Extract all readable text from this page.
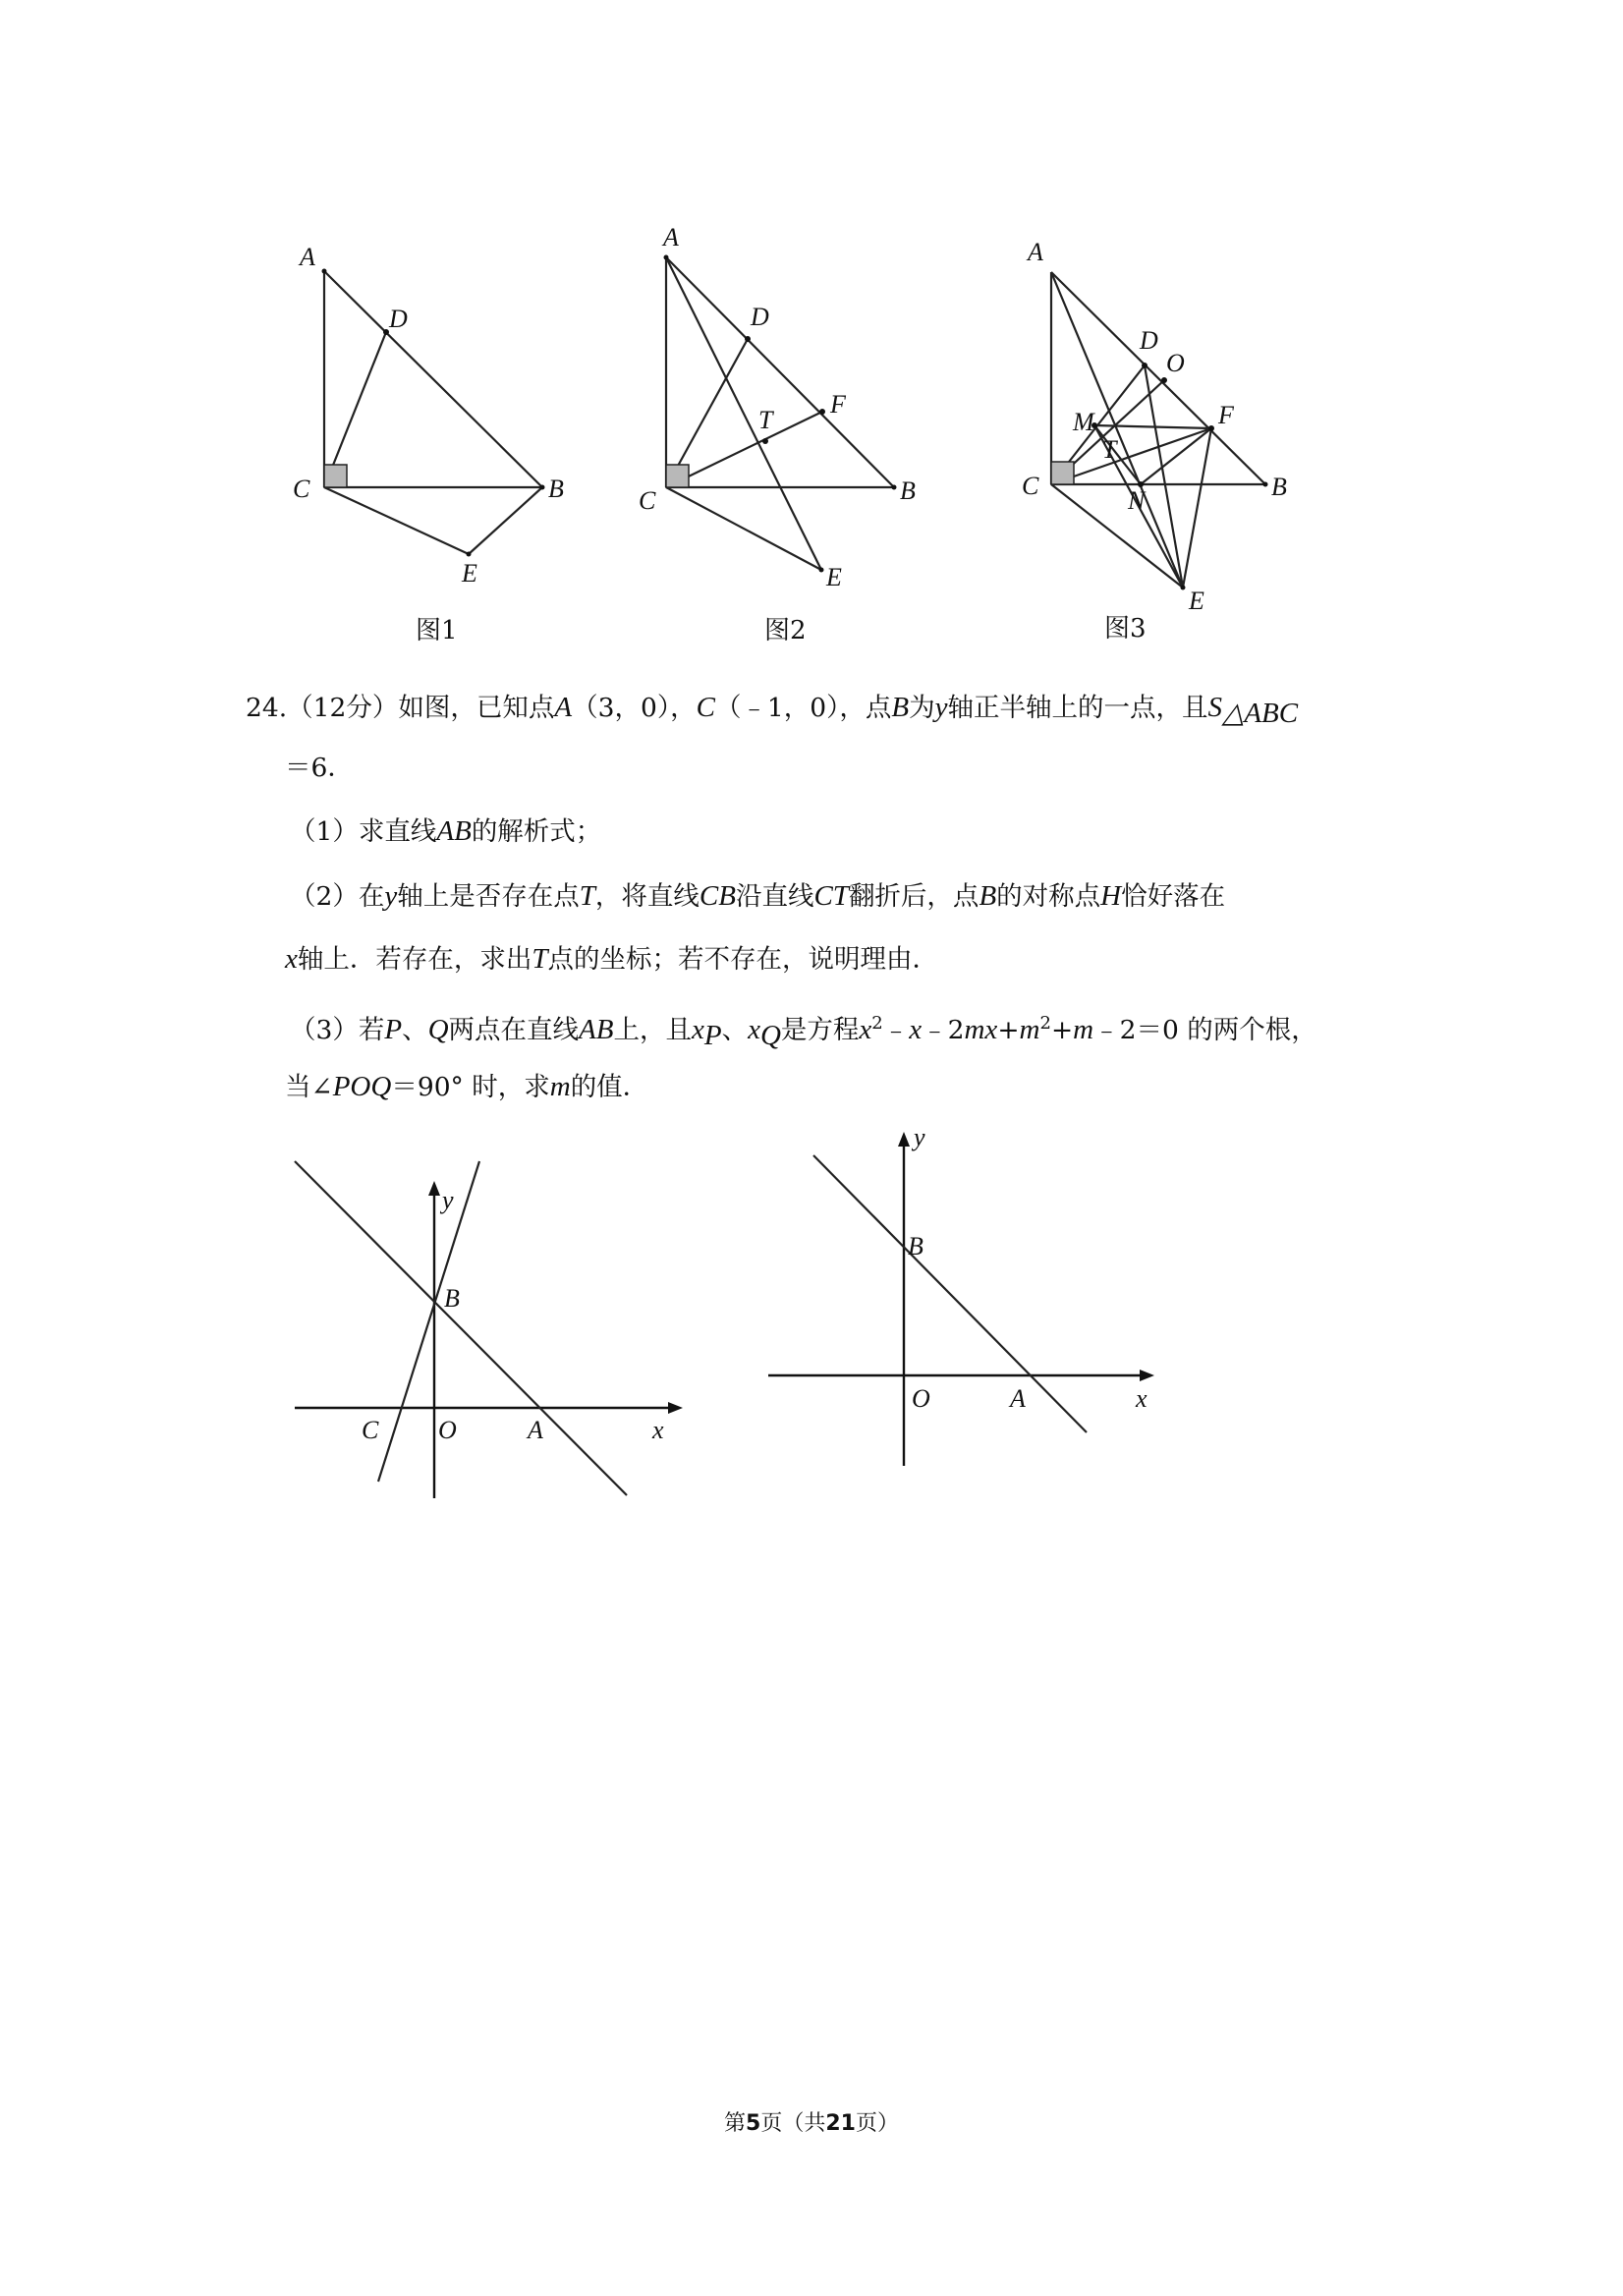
A
D
C	B
E
图1
A
D
F
T
C	B
E
图2
A
D
O
M	F
T
C
N	B
E
图3
24.（12分）如图，已知点A（3，0），C（﹣1，0），点B为y轴正半轴上的一点，且$S_{\triangle ABC}$
＝6．
（1）求直线AB的解析式；
（2）在y轴上是否存在点T，将直线CB沿直线CT翻折后，点B的对称点H恰好落在
x轴上．若存在，求出T点的坐标；若不存在，说明理由．
（3）若P、Q两点在直线AB上，且$x_P$、$x_Q$是方程$x^2﹣x﹣2mx+m^2+m﹣2=0$ 的两个根，
当∠POQ＝90° 时，求m的值．
y
B
C O	A	x
y
B
O	A	x
第5页（共21页）
